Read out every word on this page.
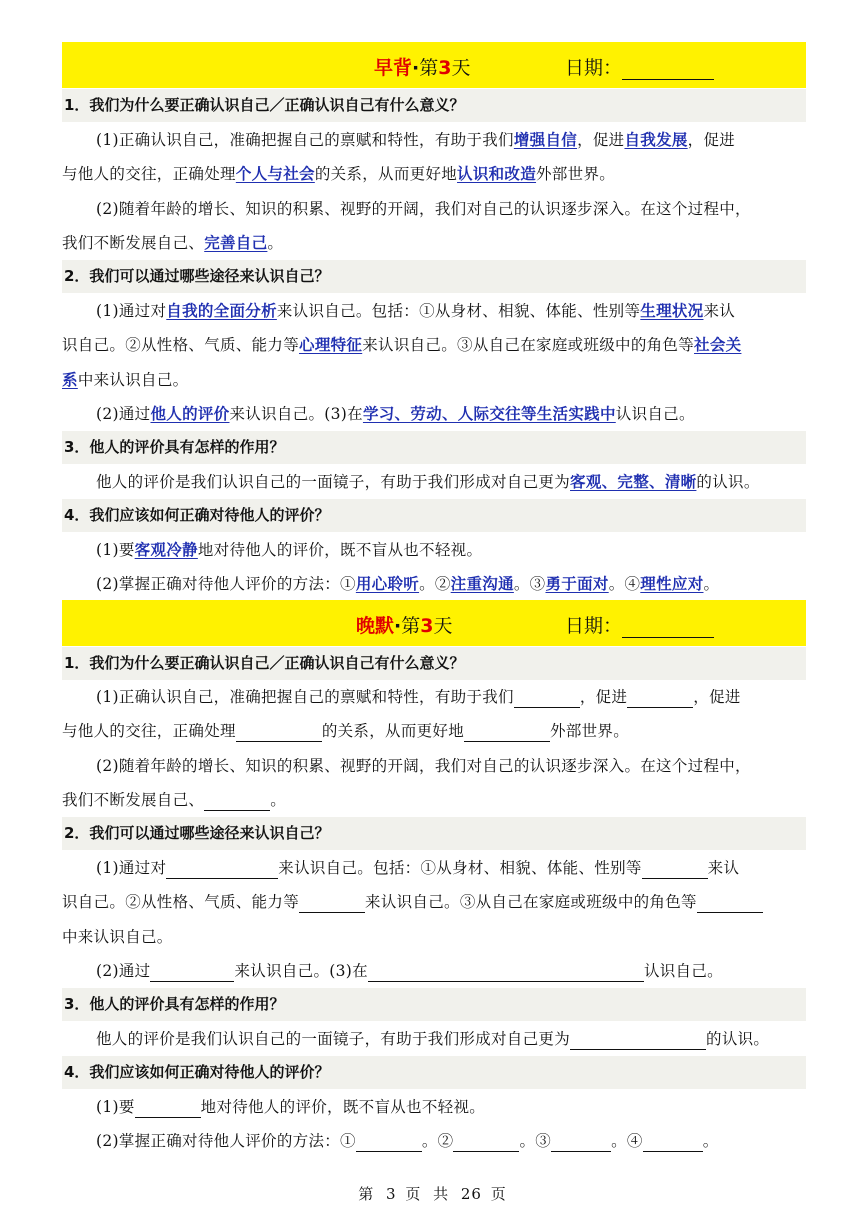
早背·第3天	日期：
1．我们为什么要正确认识自己／正确认识自己有什么意义？
(1)正确认识自己，准确把握自己的禀赋和特性，有助于我们增强自信，促进自我发展，促进
与他人的交往，正确处理个人与社会的关系，从而更好地认识和改造外部世界。
(2)随着年龄的增长、知识的积累、视野的开阔，我们对自己的认识逐步深入。在这个过程中，
我们不断发展自己、完善自己。
2．我们可以通过哪些途径来认识自己？
(1)通过对自我的全面分析来认识自己。包括：①从身材、相貌、体能、性别等生理状况来认
识自己。②从性格、气质、能力等心理特征来认识自己。③从自己在家庭或班级中的角色等社会关
系中来认识自己。
(2)通过他人的评价来认识自己。(3)在学习、劳动、人际交往等生活实践中认识自己。
3．他人的评价具有怎样的作用？
他人的评价是我们认识自己的一面镜子，有助于我们形成对自己更为客观、完整、清晰的认识。
4．我们应该如何正确对待他人的评价？
(1)要客观冷静地对待他人的评价，既不盲从也不轻视。
(2)掌握正确对待他人评价的方法：①用心聆听。②注重沟通。③勇于面对。④理性应对。
晚默·第3天	日期：
1．我们为什么要正确认识自己／正确认识自己有什么意义？
(1)正确认识自己，准确把握自己的禀赋和特性，有助于我们	，促进	，促进
与他人的交往，正确处理	的关系，从而更好地	外部世界。
(2)随着年龄的增长、知识的积累、视野的开阔，我们对自己的认识逐步深入。在这个过程中，
我们不断发展自己、	。
2．我们可以通过哪些途径来认识自己？
(1)通过对	来认识自己。包括：①从身材、相貌、体能、性别等	来认
识自己。②从性格、气质、能力等	来认识自己。③从自己在家庭或班级中的角色等
中来认识自己。
(2)通过	来认识自己。(3)在	认识自己。
3．他人的评价具有怎样的作用？
他人的评价是我们认识自己的一面镜子，有助于我们形成对自己更为	的认识。
4．我们应该如何正确对待他人的评价？
(1)要	地对待他人的评价，既不盲从也不轻视。
(2)掌握正确对待他人评价的方法：①	。②	。③	。④	。
第 3 页 共 26 页
